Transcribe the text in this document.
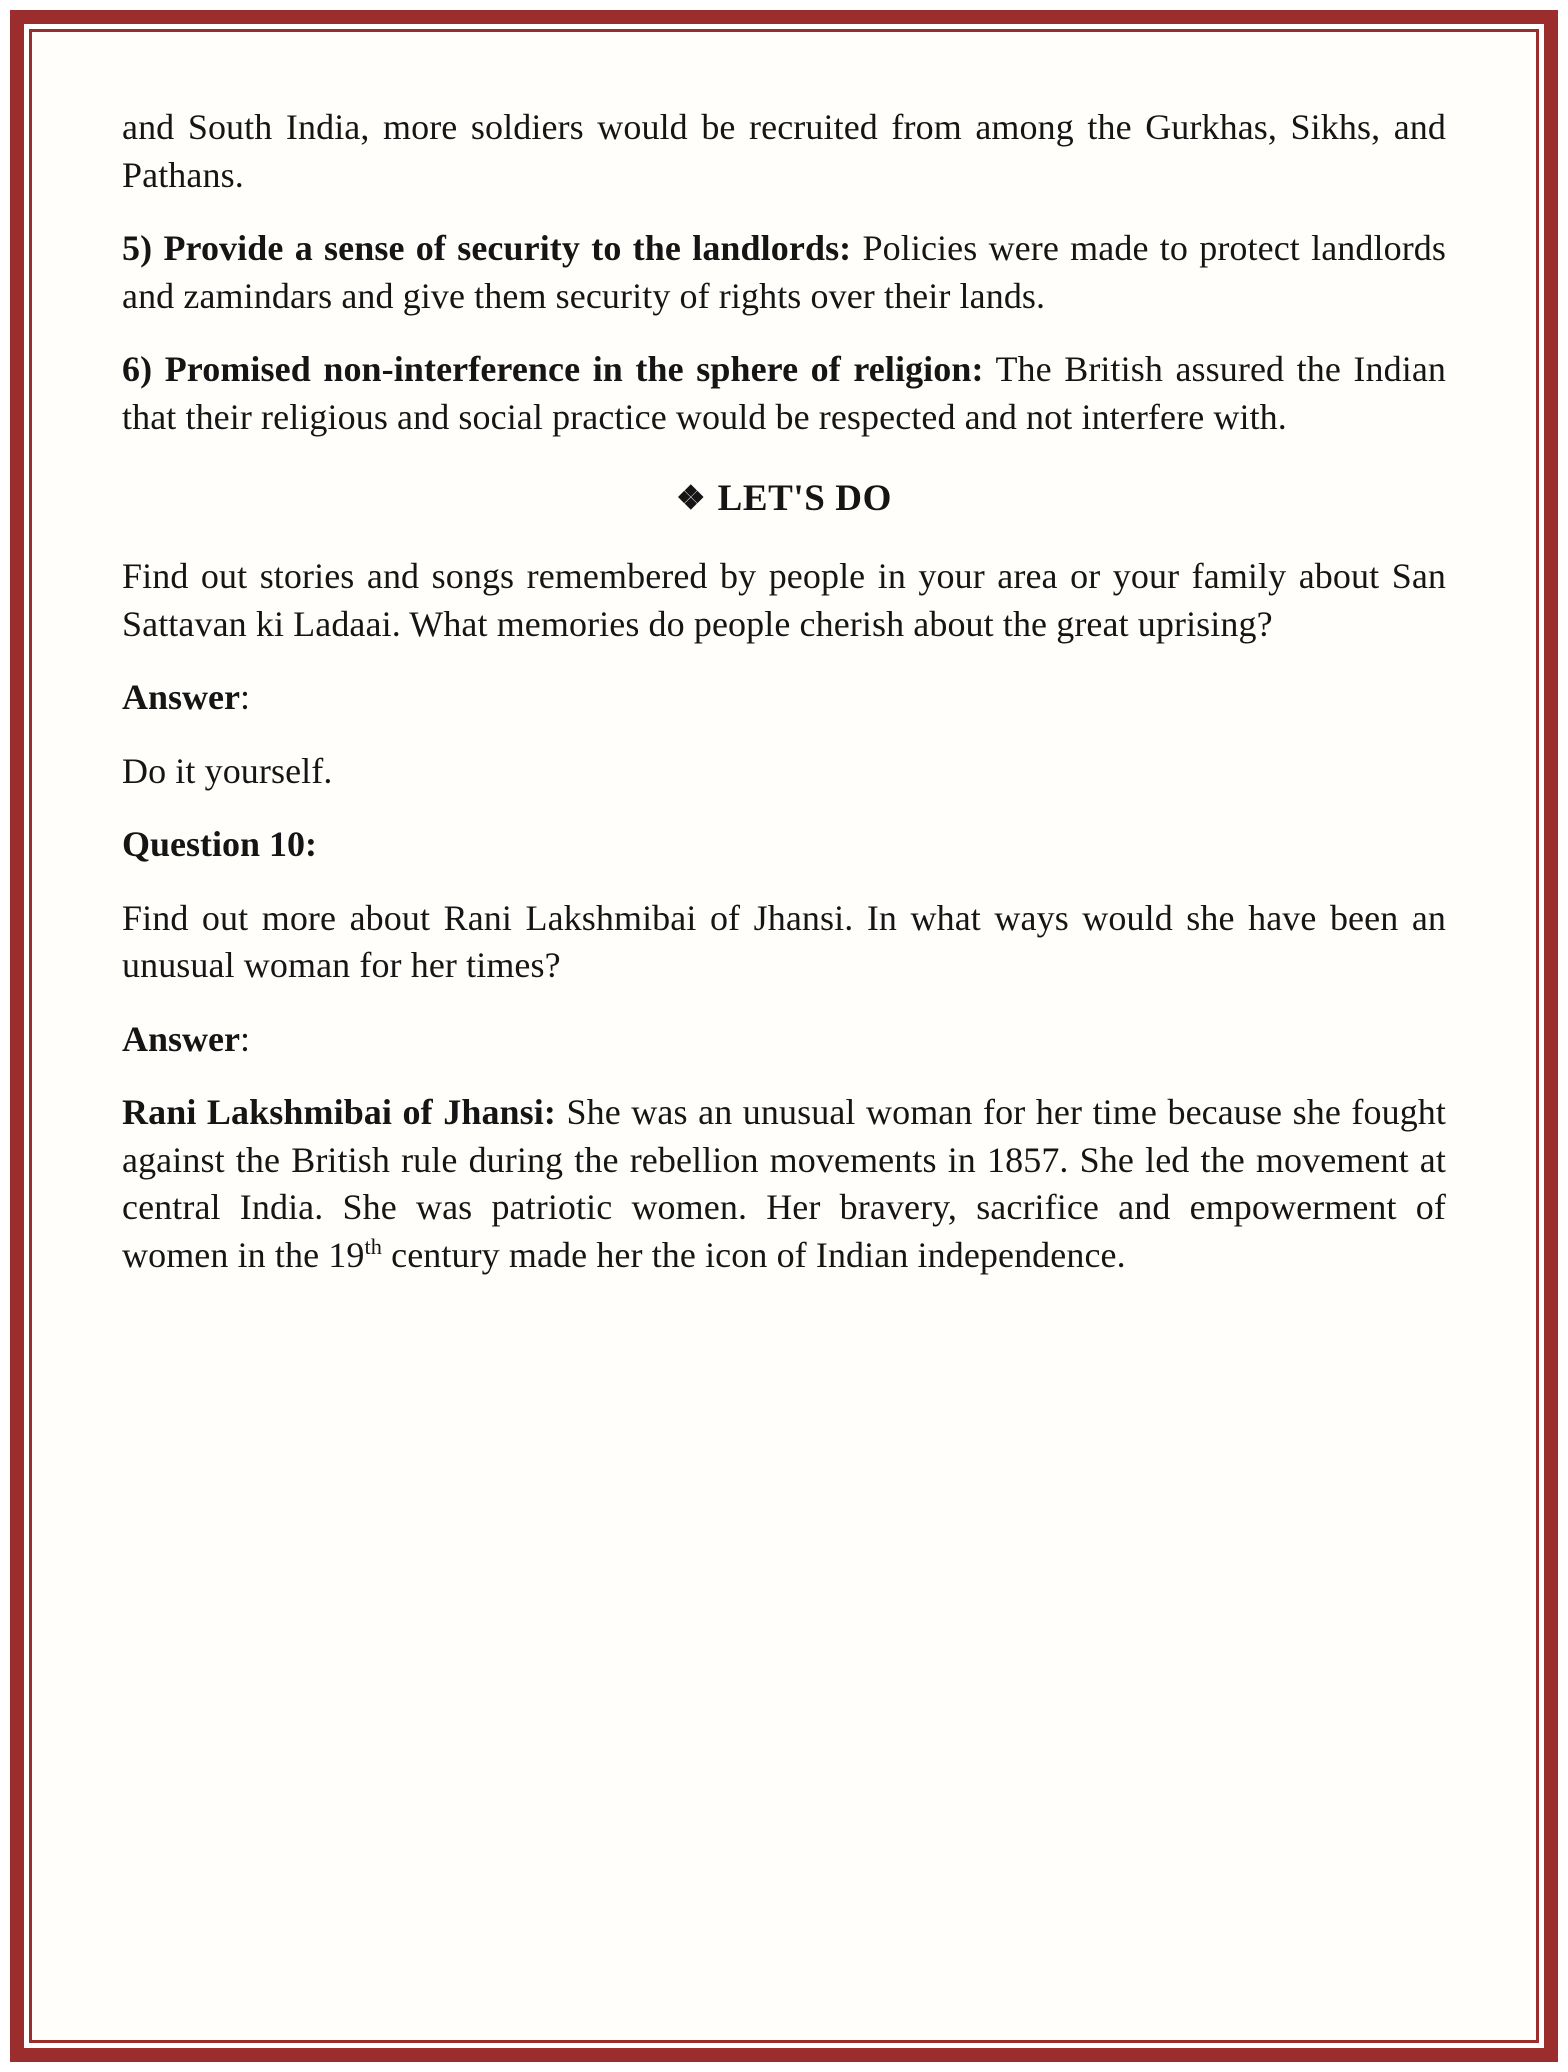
and South India, more soldiers would be recruited from among the Gurkhas, Sikhs, and Pathans.

5) Provide a sense of security to the landlords: Policies were made to protect landlords and zamindars and give them security of rights over their lands.

6) Promised non-interference in the sphere of religion: The British assured the Indian that their religious and social practice would be respected and not interfere with.

❖ LET'S DO

Find out stories and songs remembered by people in your area or your family about San Sattavan ki Ladaai. What memories do people cherish about the great uprising?

Answer:

Do it yourself.

Question 10:

Find out more about Rani Lakshmibai of Jhansi. In what ways would she have been an unusual woman for her times?

Answer:

Rani Lakshmibai of Jhansi: She was an unusual woman for her time because she fought against the British rule during the rebellion movements in 1857. She led the movement at central India. She was patriotic women. Her bravery, sacrifice and empowerment of women in the 19th century made her the icon of Indian independence.
